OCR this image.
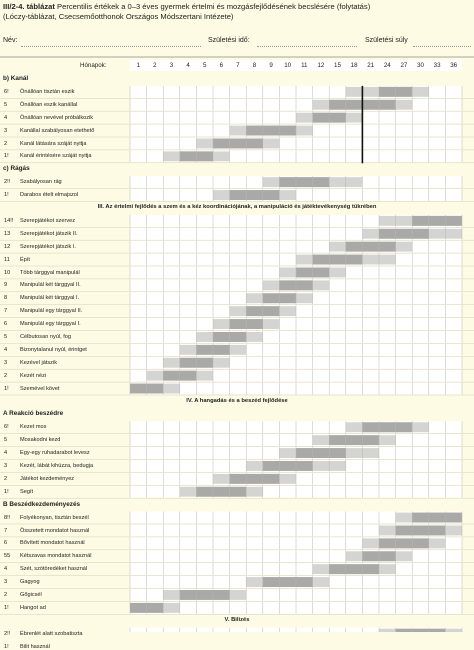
III/2-4. táblázat Percentilis értékek a 0–3 éves gyermek értelmi és mozgásfejlődésének becslésére (folytatás)
(Lóczy-táblázat, Csecsemőotthonok Országos Módszertani Intézete)
Név:	Születési idő:	Születési súly
Hónapok:	1	2	3	4	5	6	7	8	9	10	11	12	15	18	21	24	27	30	33	36
b) Kanál
6! Önállóan tisztán eszik
5 Önállóan eszik kanállal
4 Önállóan nevével próbálkozik
3 Kanállal szabályosan etethető
2 Kanál látására száját nyitja
1! Kanál érintésére száját nyitja
c) Rágás
2!! Szabályosan rág
1! Darabos ételt elmajszol
III. Az értelmi fejlődés a szem és a kéz koordinációjának, a manipuláció és játéktevékenység tükrében
14!! Szerepjátékot szervez
13 Szerepjátékot játszik II.
12 Szerepjátékot játszik I.
11 Épít
10 Több tárggyal manipulál
9 Manipulál két tárggyal II.
8 Manipulál két tárggyal I.
7 Manipulál egy tárggyal II.
6 Manipulál egy tárggyal I.
5 Célbutosan nyúl, fog
4 Bizonytalanul nyúl, érintget
3 Kezével játszik
2 Kezét nézi
1! Szemével követ
IV. A hangadás és a beszéd fejlődése
A Reakció beszédre
6! Kezet mos
5 Mosakodni kezd
4 Egy-egy ruhadarabot levesz
3 Kezét, lábát kihúzza, bedugja
2 Játékot kezdeményez
1! Segít
B Beszédkezdeményezés
8!! Folyékonyan, tisztán beszél
7 Összetett mondatot használ
6 Bővített mondatot használ
55 Kétszavas mondatot használ
4 Szét, szótöredéket használ
3 Gagyog
2 Gőgicsél
1! Hangot ad
V. Bilizés
2!! Ébrenlét alatt szobatiszta
1! Bilit használ
